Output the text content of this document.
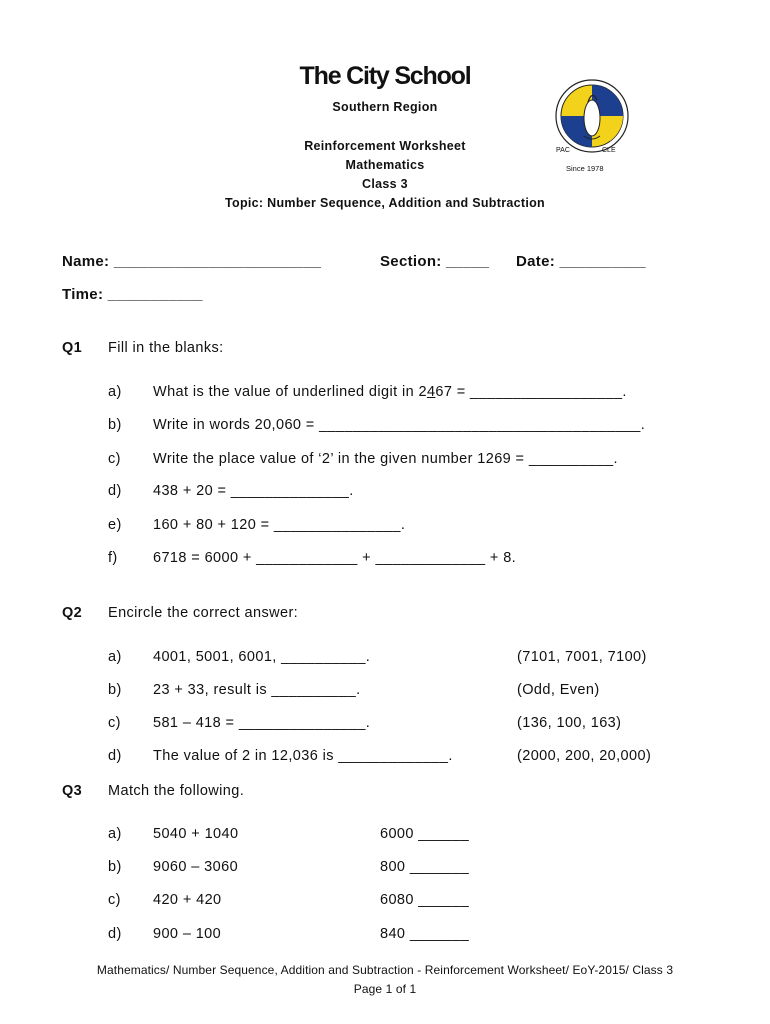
The City School
Southern Region
Reinforcement Worksheet
Mathematics
Class 3
Topic: Number Sequence, Addition and Subtraction
PAC	CLE
Since 1978
Name: ________________________	Section: _____ Date: __________
Time: ___________
Q1 Fill in the blanks:
a) What is the value of underlined digit in 2467 = __________________.
b) Write in words 20,060 = ______________________________________.
c) Write the place value of ‘2’ in the given number 1269 = __________.
d) 438 + 20 = ______________.
e) 160 + 80 + 120 = _______________.
f) 6718 = 6000 + ____________ + _____________ + 8.
Q2 Encircle the correct answer:
a) 4001, 5001, 6001, __________.	(7101, 7001, 7100)
b) 23 + 33, result is __________.	(Odd, Even)
c) 581 – 418 = _______________.	(136, 100, 163)
d) The value of 2 in 12,036 is _____________.	(2000, 200, 20,000)
Q3 Match the following.
a) 5040 + 1040	6000 ______
b) 9060 – 3060	800 _______
c) 420 + 420	6080 ______
d) 900 – 100	840 _______
Mathematics/ Number Sequence, Addition and Subtraction - Reinforcement Worksheet/ EoY-2015/ Class 3
Page 1 of 1
